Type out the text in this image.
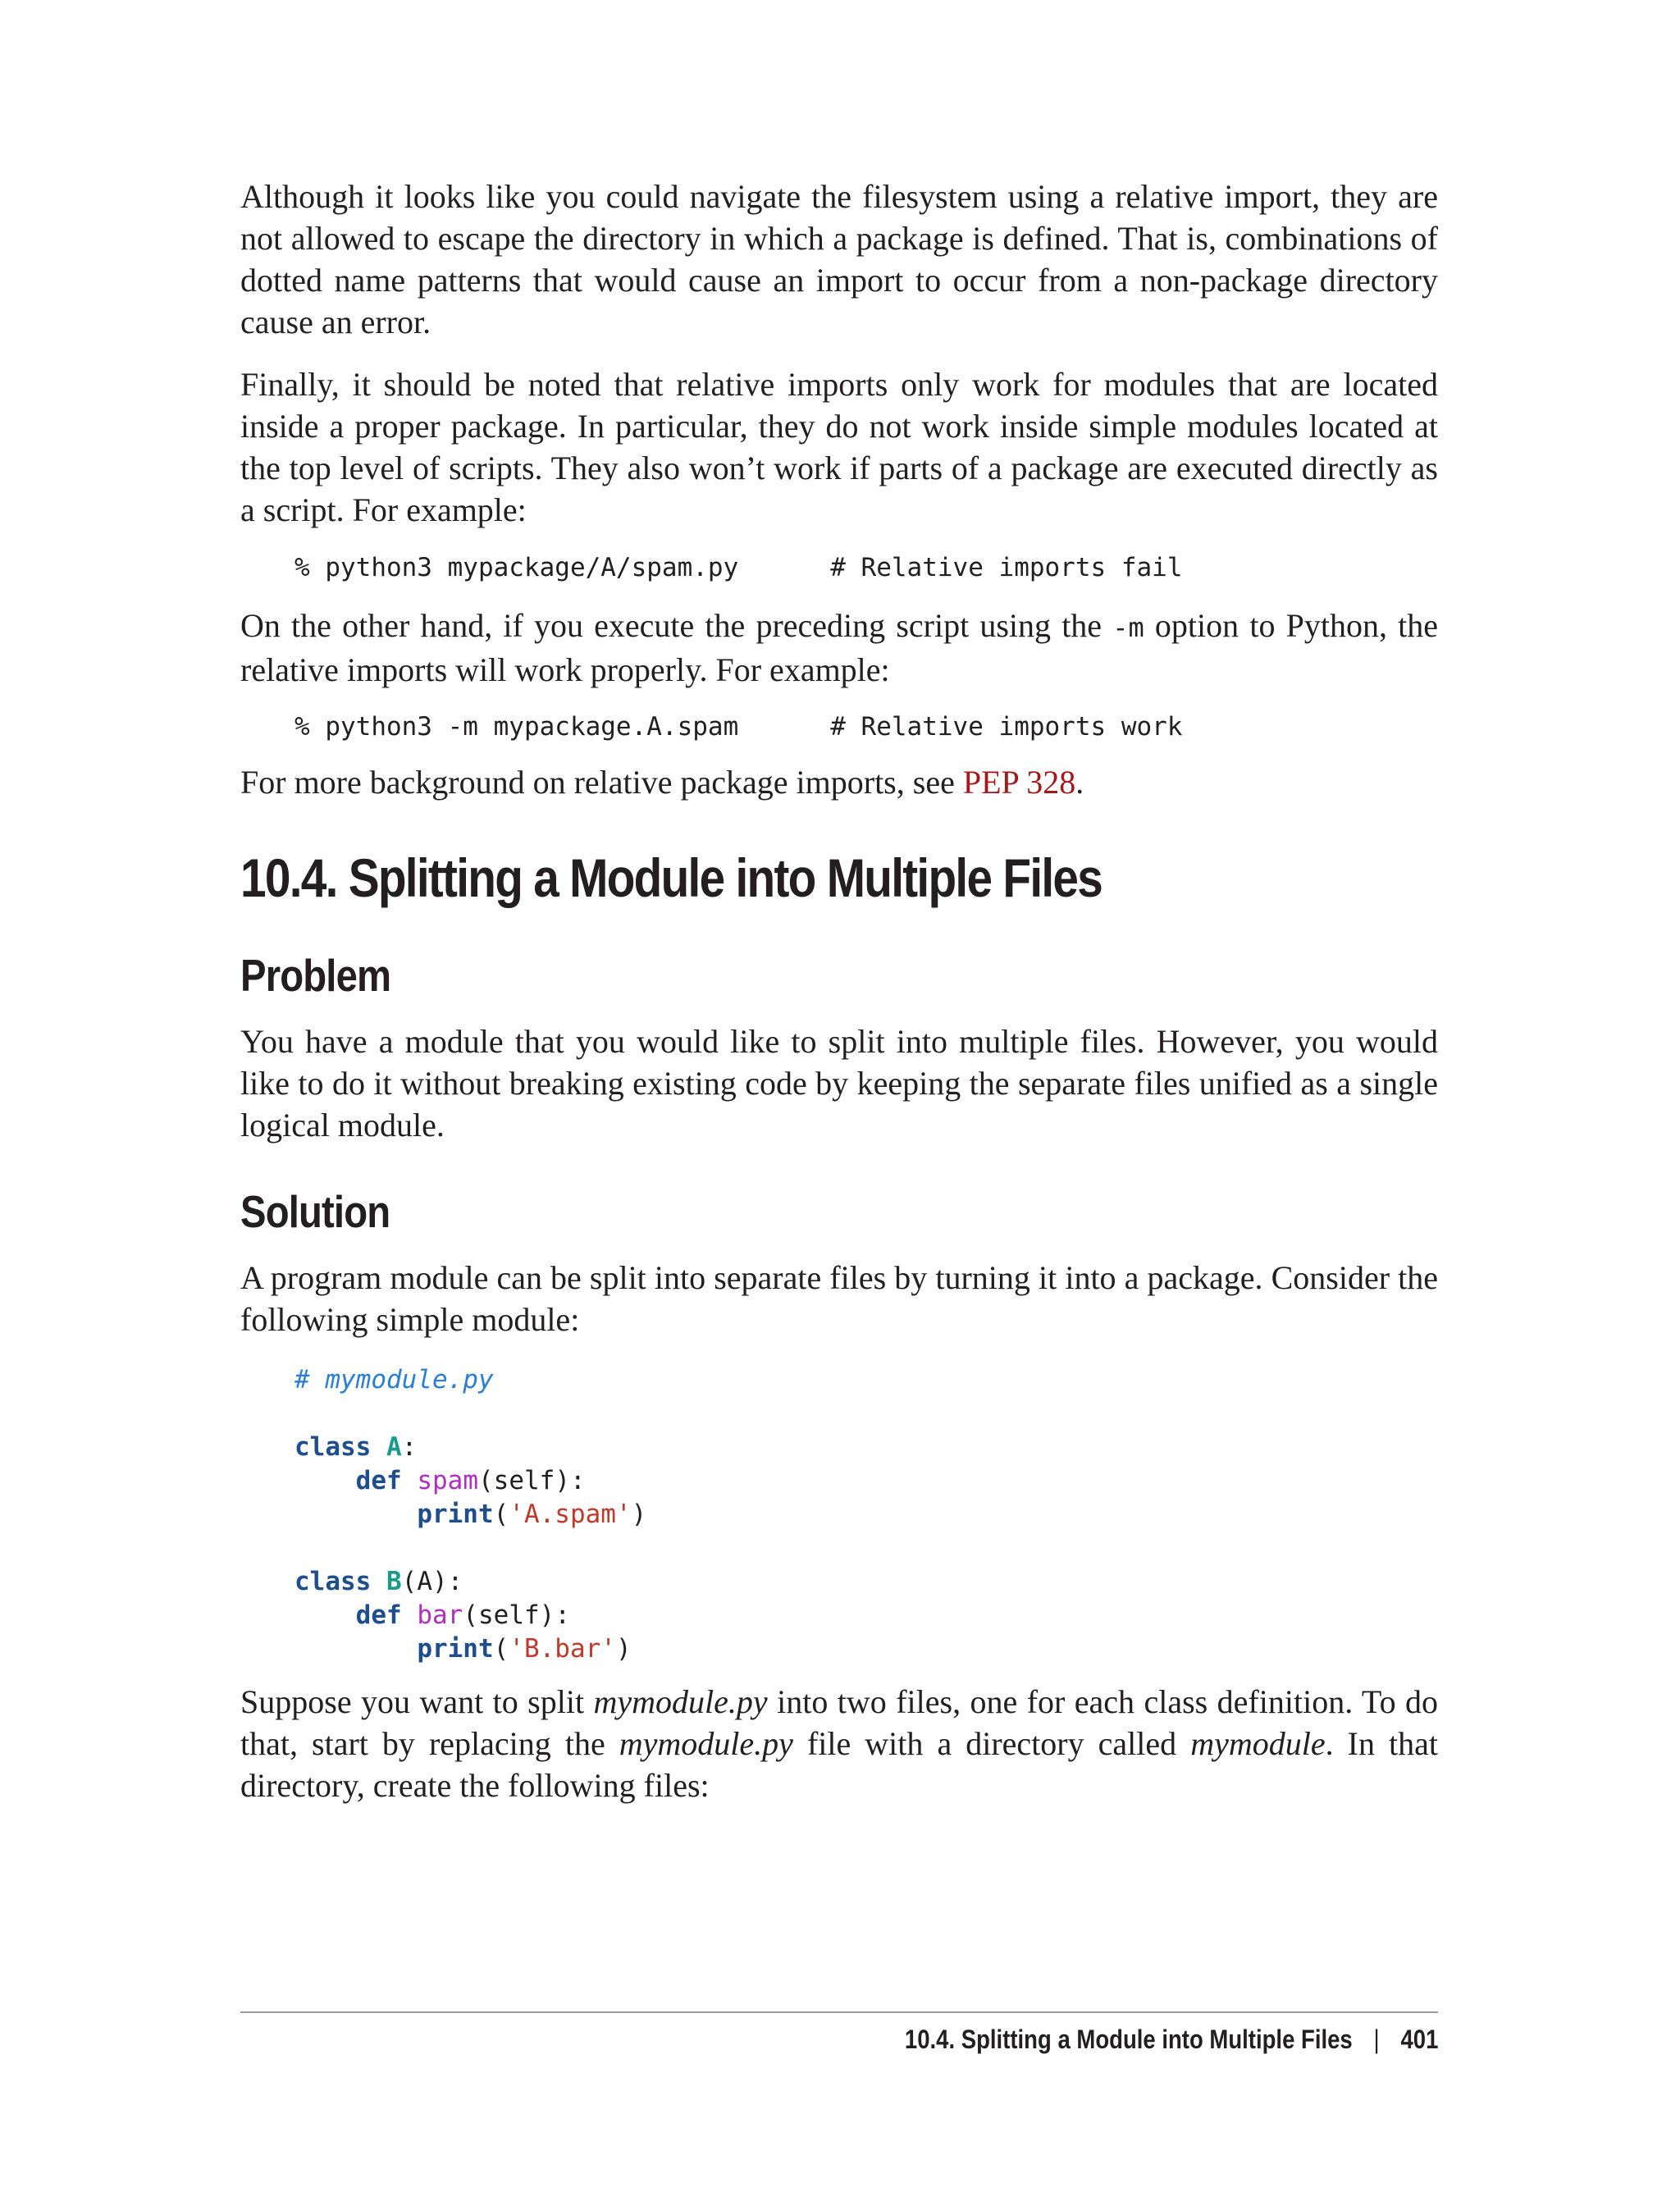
Although it looks like you could navigate the filesystem using a relative import, they are not allowed to escape the directory in which a package is defined. That is, combinations of dotted name patterns that would cause an import to occur from a non-package directory cause an error.

Finally, it should be noted that relative imports only work for modules that are located inside a proper package. In particular, they do not work inside simple modules located at the top level of scripts. They also won’t work if parts of a package are executed directly as a script. For example:

% python3 mypackage/A/spam.py      # Relative imports fail

On the other hand, if you execute the preceding script using the -m option to Python, the relative imports will work properly. For example:

% python3 -m mypackage.A.spam      # Relative imports work

For more background on relative package imports, see PEP 328.

10.4. Splitting a Module into Multiple Files
Problem

You have a module that you would like to split into multiple files. However, you would like to do it without breaking existing code by keeping the separate files unified as a single logical module.

Solution

A program module can be split into separate files by turning it into a package. Consider the following simple module:

# mymodule.py

class A:
def spam(self):
print('A.spam')

class B(A):
def bar(self):
print('B.bar')

Suppose you want to split mymodule.py into two files, one for each class definition. To do that, start by replacing the mymodule.py file with a directory called mymodule. In that directory, create the following files:

10.4. Splitting a Module into Multiple Files | 401
